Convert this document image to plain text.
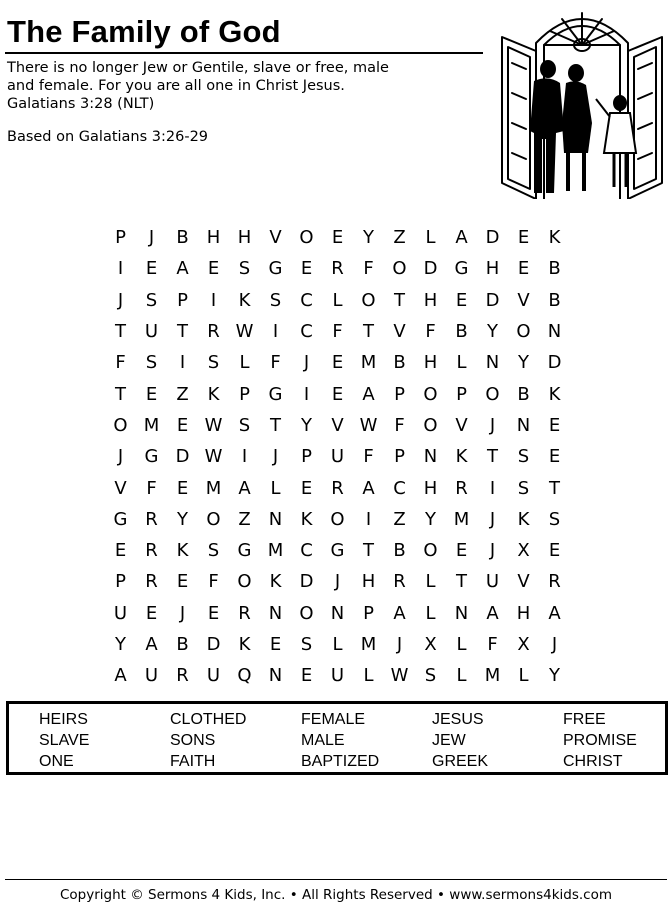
The Family of God
There is no longer Jew or Gentile, slave or free, male
and female. For you are all one in Christ Jesus.
Galatians 3:28 (NLT)
Based on Galatians 3:26-29
P	J	B	H H	V O	E	Y	Z	L	A D	E	K
I	E	A	E	S	G	E	R	F	O D G H	E	B
J	S	P	I	K	S	C	L	O	T	H	E	D V	B
T	U	T	R W	I	C	F	T	V	F	B	Y	O N
F	S	I	S	L	F	J	E M B	H	L	N	Y	D
T	E	Z	K	P	G	I	E	A	P	O	P	O B	K
O M E W S	T	Y	V W F	O V	J	N	E
J	G D W	I	J	P	U	F	P	N	K	T	S	E
V	F	E M A	L	E	R	A	C H R	I	S	T
G R	Y	O Z	N	K	O	I	Z	Y M	J	K	S
E	R	K	S	G M C G	T	B O	E	J	X	E
P	R	E	F	O	K	D	J	H R	L	T	U	V	R
U	E	J	E	R	N O N	P	A	L	N	A	H	A
Y	A	B D	K	E	S	L	M	J	X	L	F	X	J
A	U	R	U Q N	E	U	L W S	L	M	L	Y
HEIRS	CLOTHED	FEMALE	JESUS	FREE
SLAVE	SONS	MALE	JEW	PROMISE
ONE	FAITH	BAPTIZED	GREEK	CHRIST
Copyright © Sermons 4 Kids, Inc. • All Rights Reserved • www.sermons4kids.com
